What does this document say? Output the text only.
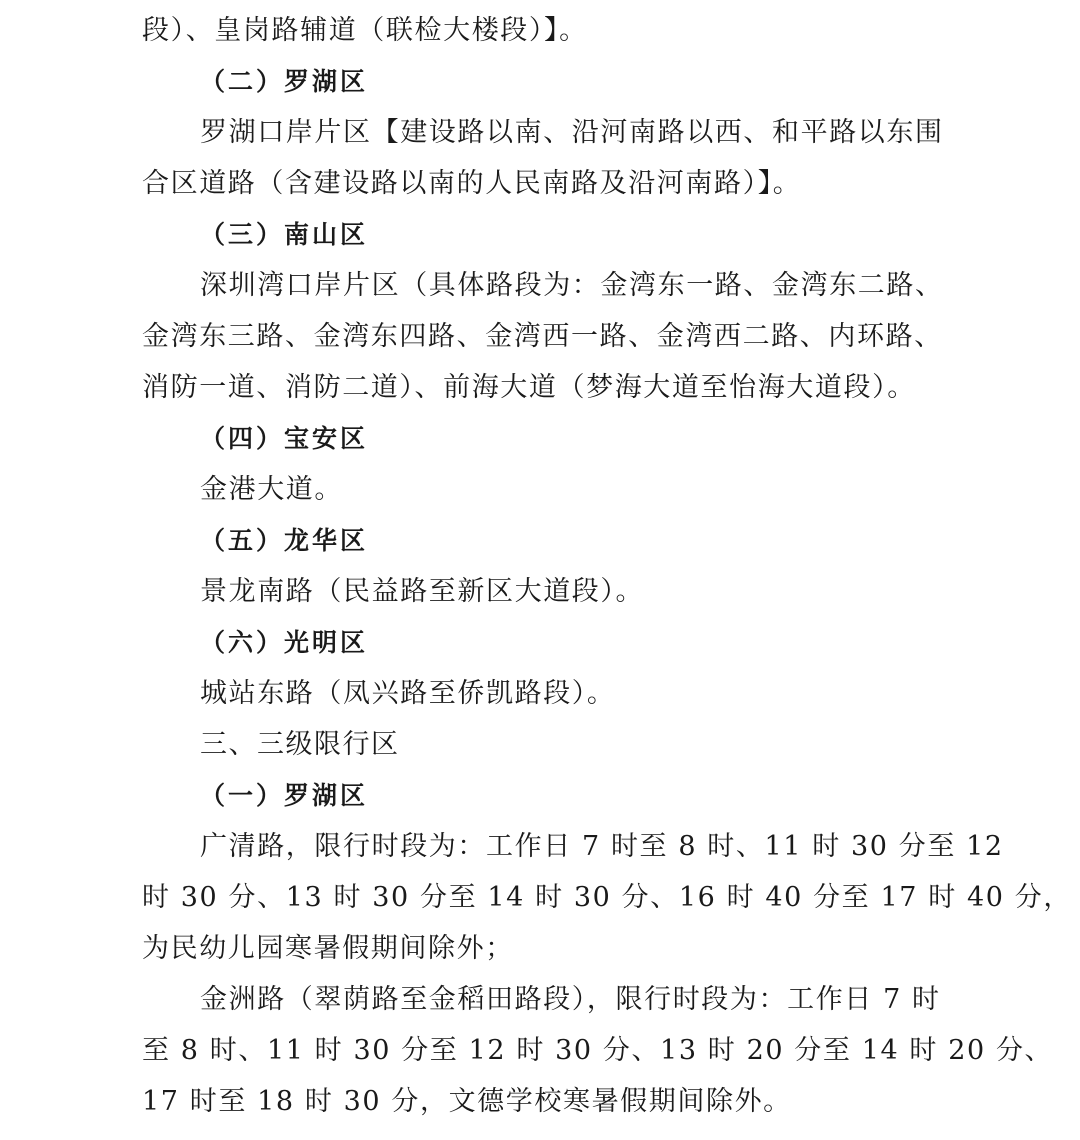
段）、皇岗路辅道（联检大楼段）】。
（二）罗湖区
罗湖口岸片区【建设路以南、沿河南路以西、和平路以东围
合区道路（含建设路以南的人民南路及沿河南路）】。
（三）南山区
深圳湾口岸片区（具体路段为：金湾东一路、金湾东二路、
金湾东三路、金湾东四路、金湾西一路、金湾西二路、内环路、
消防一道、消防二道）、前海大道（梦海大道至怡海大道段）。
（四）宝安区
金港大道。
（五）龙华区
景龙南路（民益路至新区大道段）。
（六）光明区
城站东路（凤兴路至侨凯路段）。
三、三级限行区
（一）罗湖区
广清路，限行时段为：工作日 7 时至 8 时、11 时 30 分至 12
时 30 分、13 时 30 分至 14 时 30 分、16 时 40 分至 17 时 40 分，
为民幼儿园寒暑假期间除外；
金洲路（翠荫路至金稻田路段），限行时段为：工作日 7 时
至 8 时、11 时 30 分至 12 时 30 分、13 时 20 分至 14 时 20 分、
17 时至 18 时 30 分，文德学校寒暑假期间除外。
